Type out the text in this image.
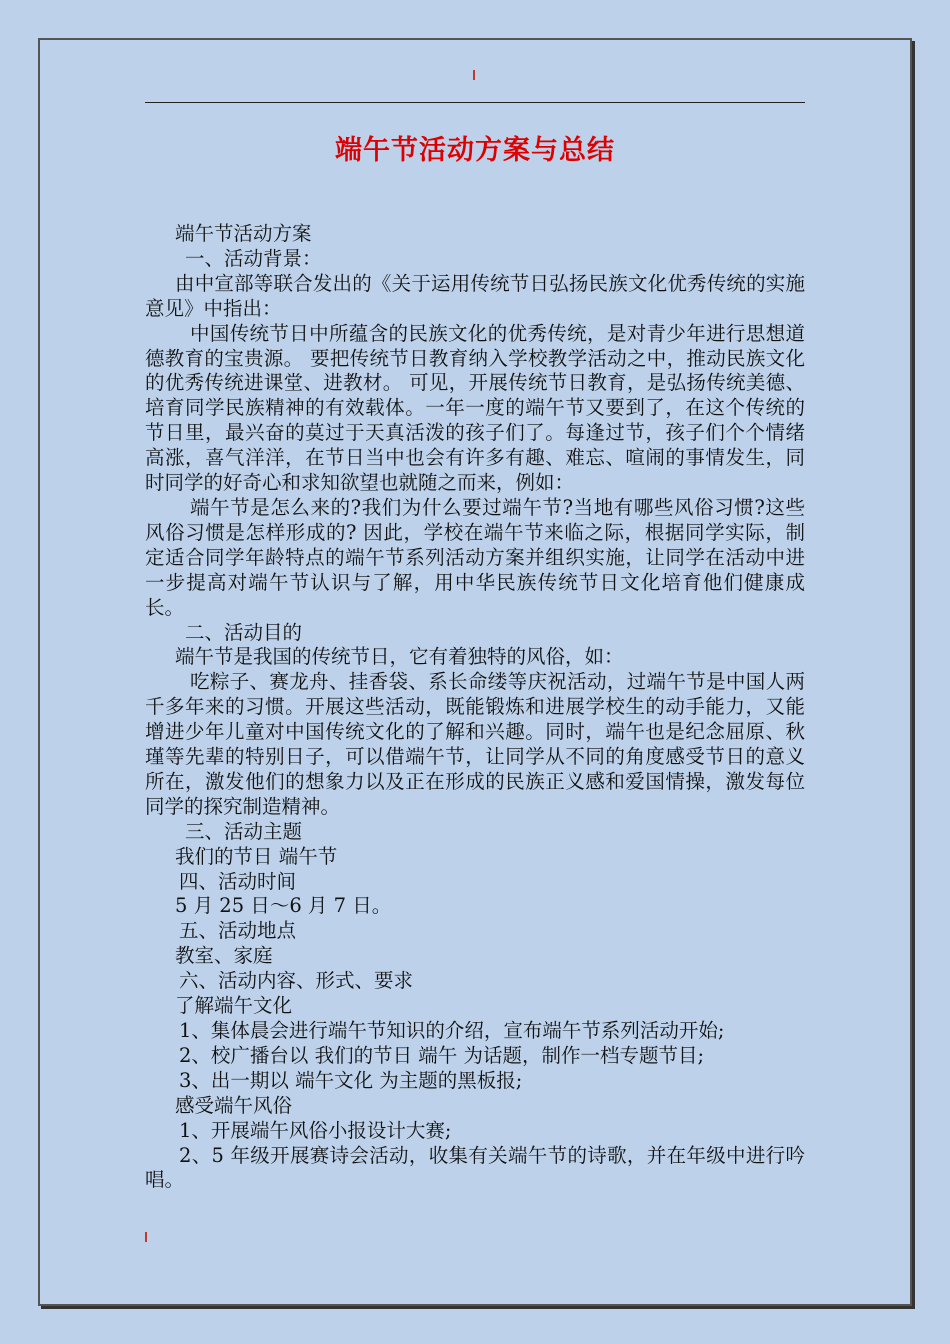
端午节活动方案与总结

端午节活动方案

一、活动背景：

由中宣部等联合发出的《关于运用传统节日弘扬民族文化优秀传统的实施意见》中指出：

中国传统节日中所蕴含的民族文化的优秀传统，是对青少年进行思想道德教育的宝贵源。 要把传统节日教育纳入学校教学活动之中，推动民族文化的优秀传统进课堂、进教材。 可见，开展传统节日教育，是弘扬传统美德、培育同学民族精神的有效载体。一年一度的端午节又要到了，在这个传统的节日里，最兴奋的莫过于天真活泼的孩子们了。每逢过节，孩子们个个情绪高涨，喜气洋洋，在节日当中也会有许多有趣、难忘、喧闹的事情发生，同时同学的好奇心和求知欲望也就随之而来，例如：

端午节是怎么来的?我们为什么要过端午节?当地有哪些风俗习惯?这些风俗习惯是怎样形成的? 因此，学校在端午节来临之际，根据同学实际，制定适合同学年龄特点的端午节系列活动方案并组织实施，让同学在活动中进一步提高对端午节认识与了解，用中华民族传统节日文化培育他们健康成长。

二、活动目的

端午节是我国的传统节日，它有着独特的风俗，如：

吃粽子、赛龙舟、挂香袋、系长命缕等庆祝活动，过端午节是中国人两千多年来的习惯。开展这些活动，既能锻炼和进展学校生的动手能力，又能增进少年儿童对中国传统文化的了解和兴趣。同时，端午也是纪念屈原、秋瑾等先辈的特别日子，可以借端午节，让同学从不同的角度感受节日的意义所在，激发他们的想象力以及正在形成的民族正义感和爱国情操，激发每位同学的探究制造精神。

三、活动主题

我们的节日 端午节

四、活动时间

5 月 25 日～6 月 7 日。

五、活动地点

教室、家庭

六、活动内容、形式、要求

了解端午文化

1、集体晨会进行端午节知识的介绍，宣布端午节系列活动开始;

2、校广播台以 我们的节日 端午 为话题，制作一档专题节目;

3、出一期以 端午文化 为主题的黑板报;

感受端午风俗

1、开展端午风俗小报设计大赛;

2、5 年级开展赛诗会活动，收集有关端午节的诗歌，并在年级中进行吟唱。
